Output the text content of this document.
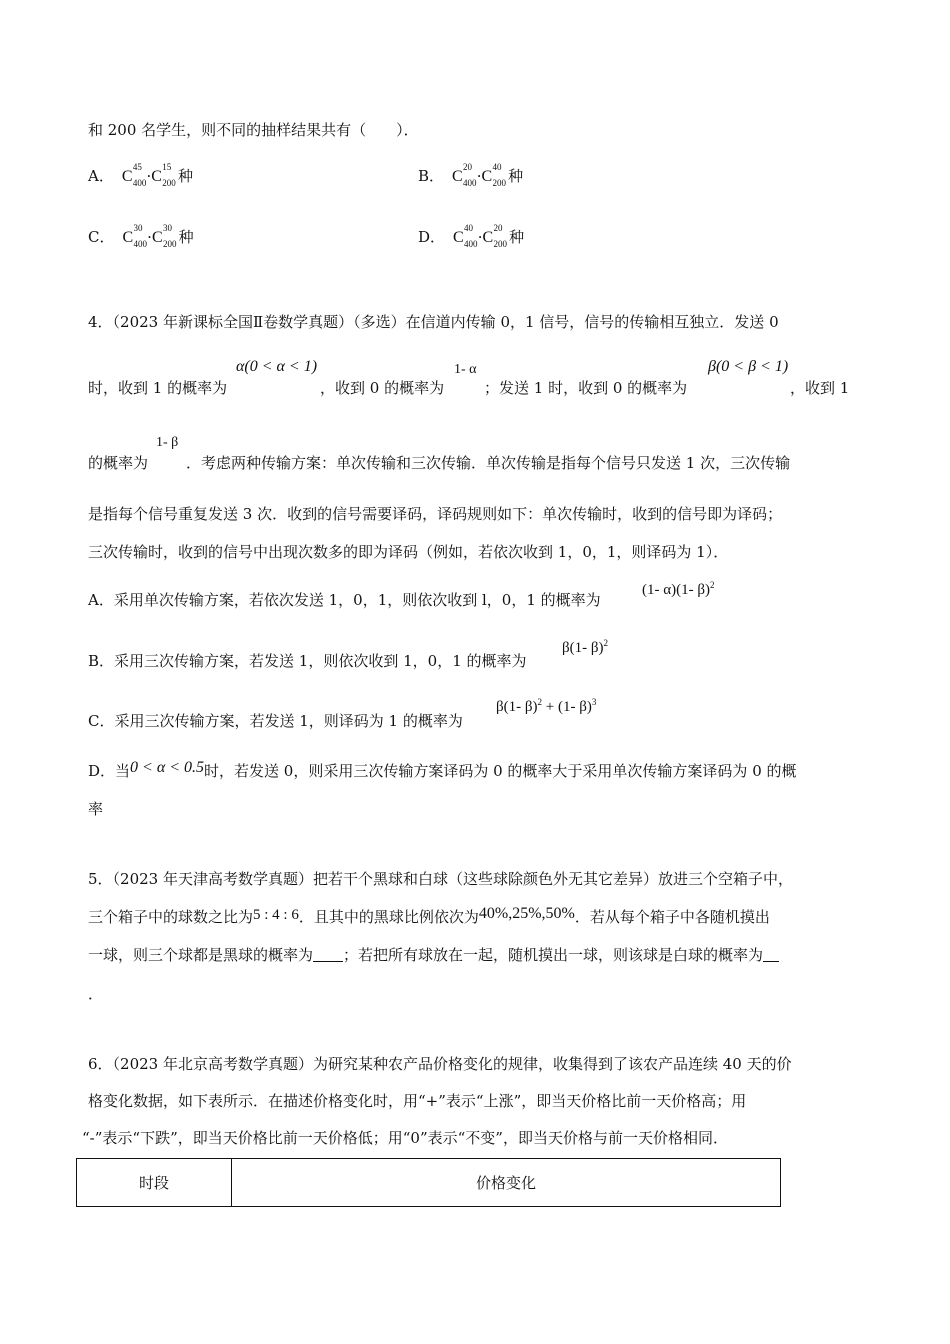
和 200 名学生，则不同的抽样结果共有（　　）．
A． C
45
400 ·C
15
200 种	B． C
20
400 ·C
40
200 种
C． C
30
400 ·C
30
200 种	D． C
40
400 ·C
20
200 种
4．（2023 年新课标全国Ⅱ卷数学真题）（多选）在信道内传输 0，1 信号，信号的传输相互独立．发送 0
时，收到 1 的概率为
α(0 < α < 1)
，收到 0 的概率为
1- α
；发送 1 时，收到 0 的概率为
β(0 < β < 1)
，收到 1
1- β
的概率为	．考虑两种传输方案：单次传输和三次传输．单次传输是指每个信号只发送 1 次，三次传输
是指每个信号重复发送 3 次．收到的信号需要译码，译码规则如下：单次传输时，收到的信号即为译码；
三次传输时，收到的信号中出现次数多的即为译码（例如，若依次收到 1，0，1，则译码为 1）．
A．采用单次传输方案，若依次发送 1，0，1，则依次收到 l，0，1 的概率为
(1- α)(1- β)$^2$
B．采用三次传输方案，若发送 1，则依次收到 1，0，1 的概率为
β(1- β)$^2$
C．采用三次传输方案，若发送 1，则译码为 1 的概率为
β(1- β)$^2$ + (1- β)$^3$
D．当0 < α < 0.5时，若发送 0，则采用三次传输方案译码为 0 的概率大于采用单次传输方案译码为 0 的概
率
5．（2023 年天津高考数学真题）把若干个黑球和白球（这些球除颜色外无其它差异）放进三个空箱子中，
三个箱子中的球数之比为5 : 4 : 6．且其中的黑球比例依次为40%,25%,50%．若从每个箱子中各随机摸出
一球，则三个球都是黑球的概率为 ；若把所有球放在一起，随机摸出一球，则该球是白球的概率为
．
6．（2023 年北京高考数学真题）为研究某种农产品价格变化的规律，收集得到了该农产品连续 40 天的价
格变化数据，如下表所示．在描述价格变化时，用“+”表示“上涨”，即当天价格比前一天价格高；用
“-”表示“下跌”，即当天价格比前一天价格低；用“0”表示“不变”，即当天价格与前一天价格相同．
时段	价格变化
